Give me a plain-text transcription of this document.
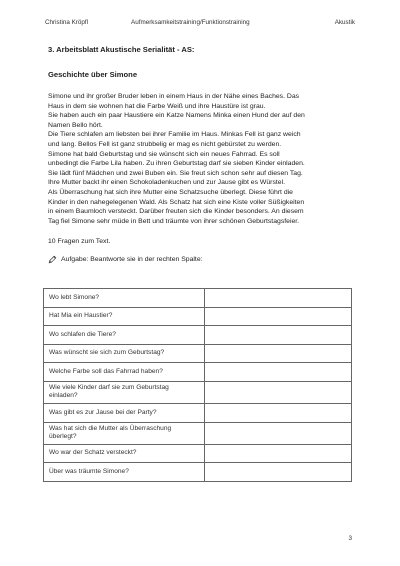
Christina Kröpfl	Aufmerksamkeitstraining/Funktionstraining	Akustik
3. Arbeitsblatt Akustische Serialität - AS:
Geschichte über Simone

Simone und ihr großer Bruder leben in einem Haus in der Nähe eines Baches. Das

Haus in dem sie wohnen hat die Farbe Weiß und ihre Haustüre ist grau.

Sie haben auch ein paar Haustiere ein Katze Namens Minka einen Hund der auf den

Namen Bello hört.

Die Tiere schlafen am liebsten bei ihrer Familie im Haus. Minkas Fell ist ganz weich

und lang. Bellos Fell ist ganz strubbelig er mag es nicht gebürstet zu werden.

Simone hat bald Geburtstag und sie wünscht sich ein neues Fahrrad. Es soll

unbedingt die Farbe Lila haben. Zu ihren Geburtstag darf sie sieben Kinder einladen.

Sie lädt fünf Mädchen und zwei Buben ein. Sie freut sich schon sehr auf diesen Tag.

Ihre Mutter backt ihr einen Schokoladenkuchen und zur Jause gibt es Würstel.

Als Überraschung hat sich ihre Mutter eine Schatzsuche überlegt. Diese führt die

Kinder in den nahegelegenen Wald. Als Schatz hat sich eine Kiste voller Süßigkeiten

in einem Baumloch versteckt. Darüber freuten sich die Kinder besonders. An diesem

Tag fiel Simone sehr müde in Bett und träumte von ihrer schönen Geburtstagsfeier.

10 Fragen zum Text.
Aufgabe: Beantworte sie in der rechten Spalte:
Wo lebt Simone?	
Hat Mia ein Haustier?	
Wo schlafen die Tiere?	
Was wünscht sie sich zum Geburtstag?	
Welche Farbe soll das Fahrrad haben?	
Wie viele Kinder darf sie zum Geburtstag einladen?	
Was gibt es zur Jause bei der Party?	
Was hat sich die Mutter als Überraschung überlegt?	
Wo war der Schatz versteckt?	
Über was träumte Simone?	
3
